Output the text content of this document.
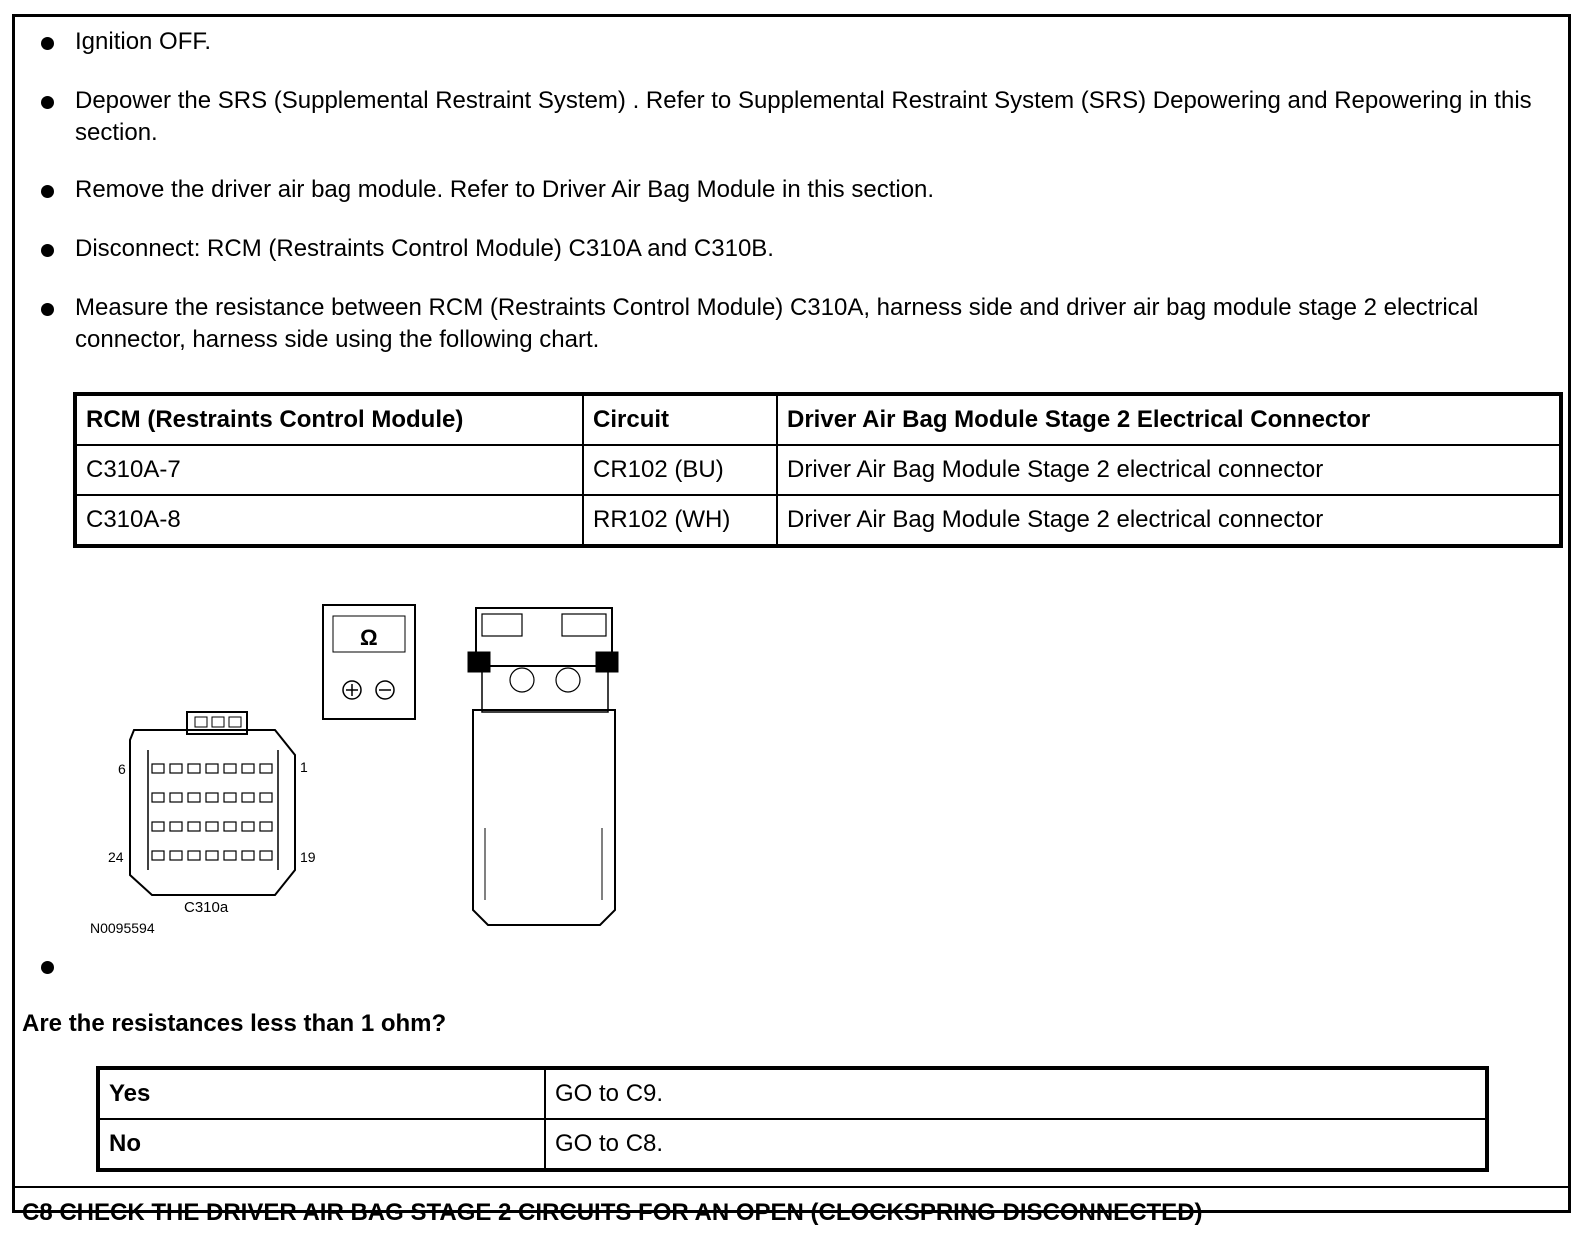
Ignition OFF.
Depower the SRS (Supplemental Restraint System) . Refer to Supplemental Restraint System (SRS) Depowering and Repowering in this section.
Remove the driver air bag module. Refer to Driver Air Bag Module in this section.
Disconnect: RCM (Restraints Control Module) C310A and C310B.
Measure the resistance between RCM (Restraints Control Module) C310A, harness side and driver air bag module stage 2 electrical connector, harness side using the following chart.
RCM (Restraints Control Module)	Circuit	Driver Air Bag Module Stage 2 Electrical Connector
C310A-7	CR102 (BU)	Driver Air Bag Module Stage 2 electrical connector
C310A-8	RR102 (WH)	Driver Air Bag Module Stage 2 electrical connector
Ω
6	1
24	19
C310a
N0095594
Are the resistances less than 1 ohm?
Yes	GO to C9.
No	GO to C8.
C8 CHECK THE DRIVER AIR BAG STAGE 2 CIRCUITS FOR AN OPEN (CLOCKSPRING DISCONNECTED)
